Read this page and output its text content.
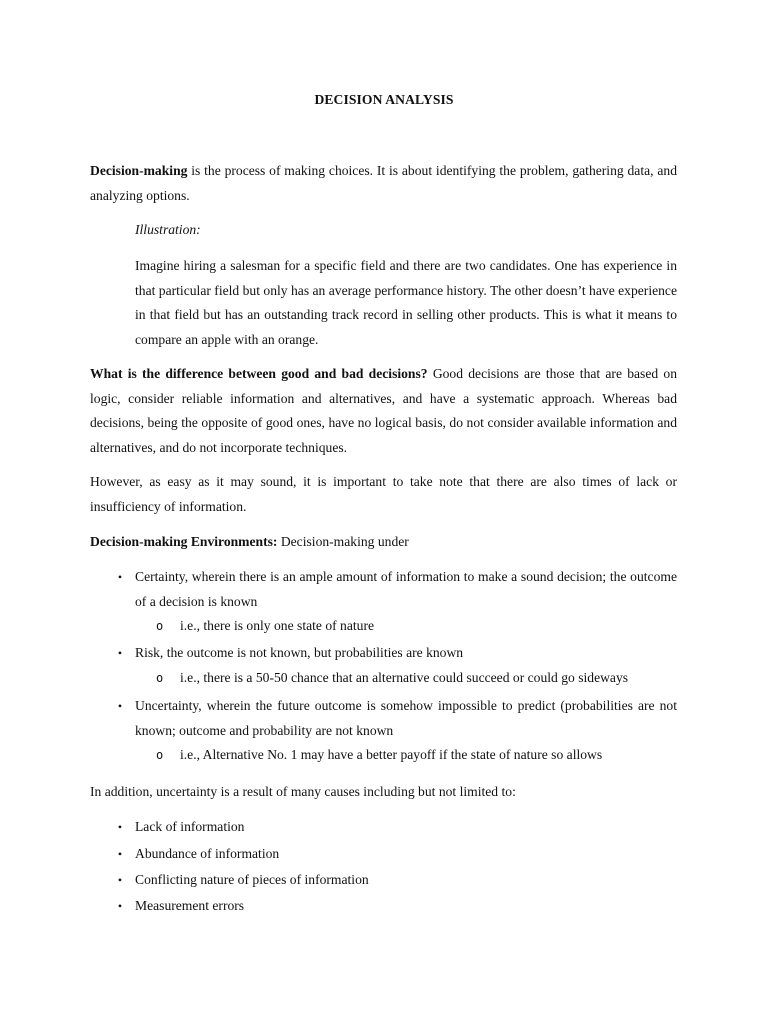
DECISION ANALYSIS

Decision-making is the process of making choices. It is about identifying the problem, gathering data, and analyzing options.

Illustration:

Imagine hiring a salesman for a specific field and there are two candidates. One has experience in that particular field but only has an average performance history. The other doesn’t have experience in that field but has an outstanding track record in selling other products. This is what it means to compare an apple with an orange.

What is the difference between good and bad decisions? Good decisions are those that are based on logic, consider reliable information and alternatives, and have a systematic approach. Whereas bad decisions, being the opposite of good ones, have no logical basis, do not consider available information and alternatives, and do not incorporate techniques.

However, as easy as it may sound, it is important to take note that there are also times of lack or insufficiency of information.

Decision-making Environments: Decision-making under

• Certainty, wherein there is an ample amount of information to make a sound decision; the outcome of a decision is known
o i.e., there is only one state of nature
• Risk, the outcome is not known, but probabilities are known
o i.e., there is a 50-50 chance that an alternative could succeed or could go sideways
• Uncertainty, wherein the future outcome is somehow impossible to predict (probabilities are not known; outcome and probability are not known
o i.e., Alternative No. 1 may have a better payoff if the state of nature so allows

In addition, uncertainty is a result of many causes including but not limited to:

• Lack of information
• Abundance of information
• Conflicting nature of pieces of information
• Measurement errors
